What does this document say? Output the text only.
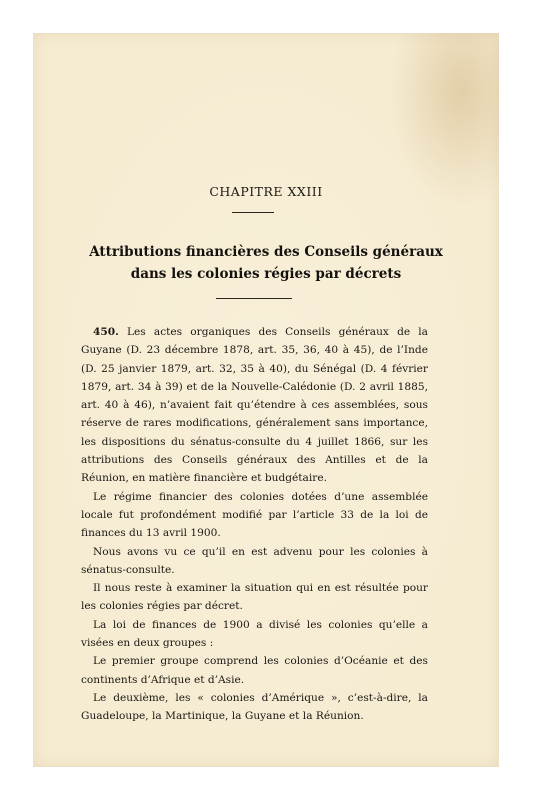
CHAPITRE XXIII
Attributions financières des Conseils généraux
dans les colonies régies par décrets

450. Les actes organiques des Conseils généraux de la Guyane (D. 23 décembre 1878, art. 35, 36, 40 à 45), de l’Inde (D. 25 janvier 1879, art. 32, 35 à 40), du Sénégal (D. 4 février 1879, art. 34 à 39) et de la Nouvelle-Calédonie (D. 2 avril 1885, art. 40 à 46), n’avaient fait qu’étendre à ces assemblées, sous réserve de rares modifications, généralement sans importance, les dispositions du sénatus-consulte du 4 juillet 1866, sur les attributions des Conseils généraux des Antilles et de la Réunion, en matière financière et budgétaire.

Le régime financier des colonies dotées d’une assemblée locale fut profondément modifié par l’article 33 de la loi de finances du 13 avril 1900.

Nous avons vu ce qu’il en est advenu pour les colonies à sénatus-consulte.

Il nous reste à examiner la situation qui en est résultée pour les colonies régies par décret.

La loi de finances de 1900 a divisé les colonies qu’elle a visées en deux groupes :

Le premier groupe comprend les colonies d’Océanie et des continents d’Afrique et d’Asie.

Le deuxième, les « colonies d’Amérique », c’est-à-dire, la Guadeloupe, la Martinique, la Guyane et la Réunion.
